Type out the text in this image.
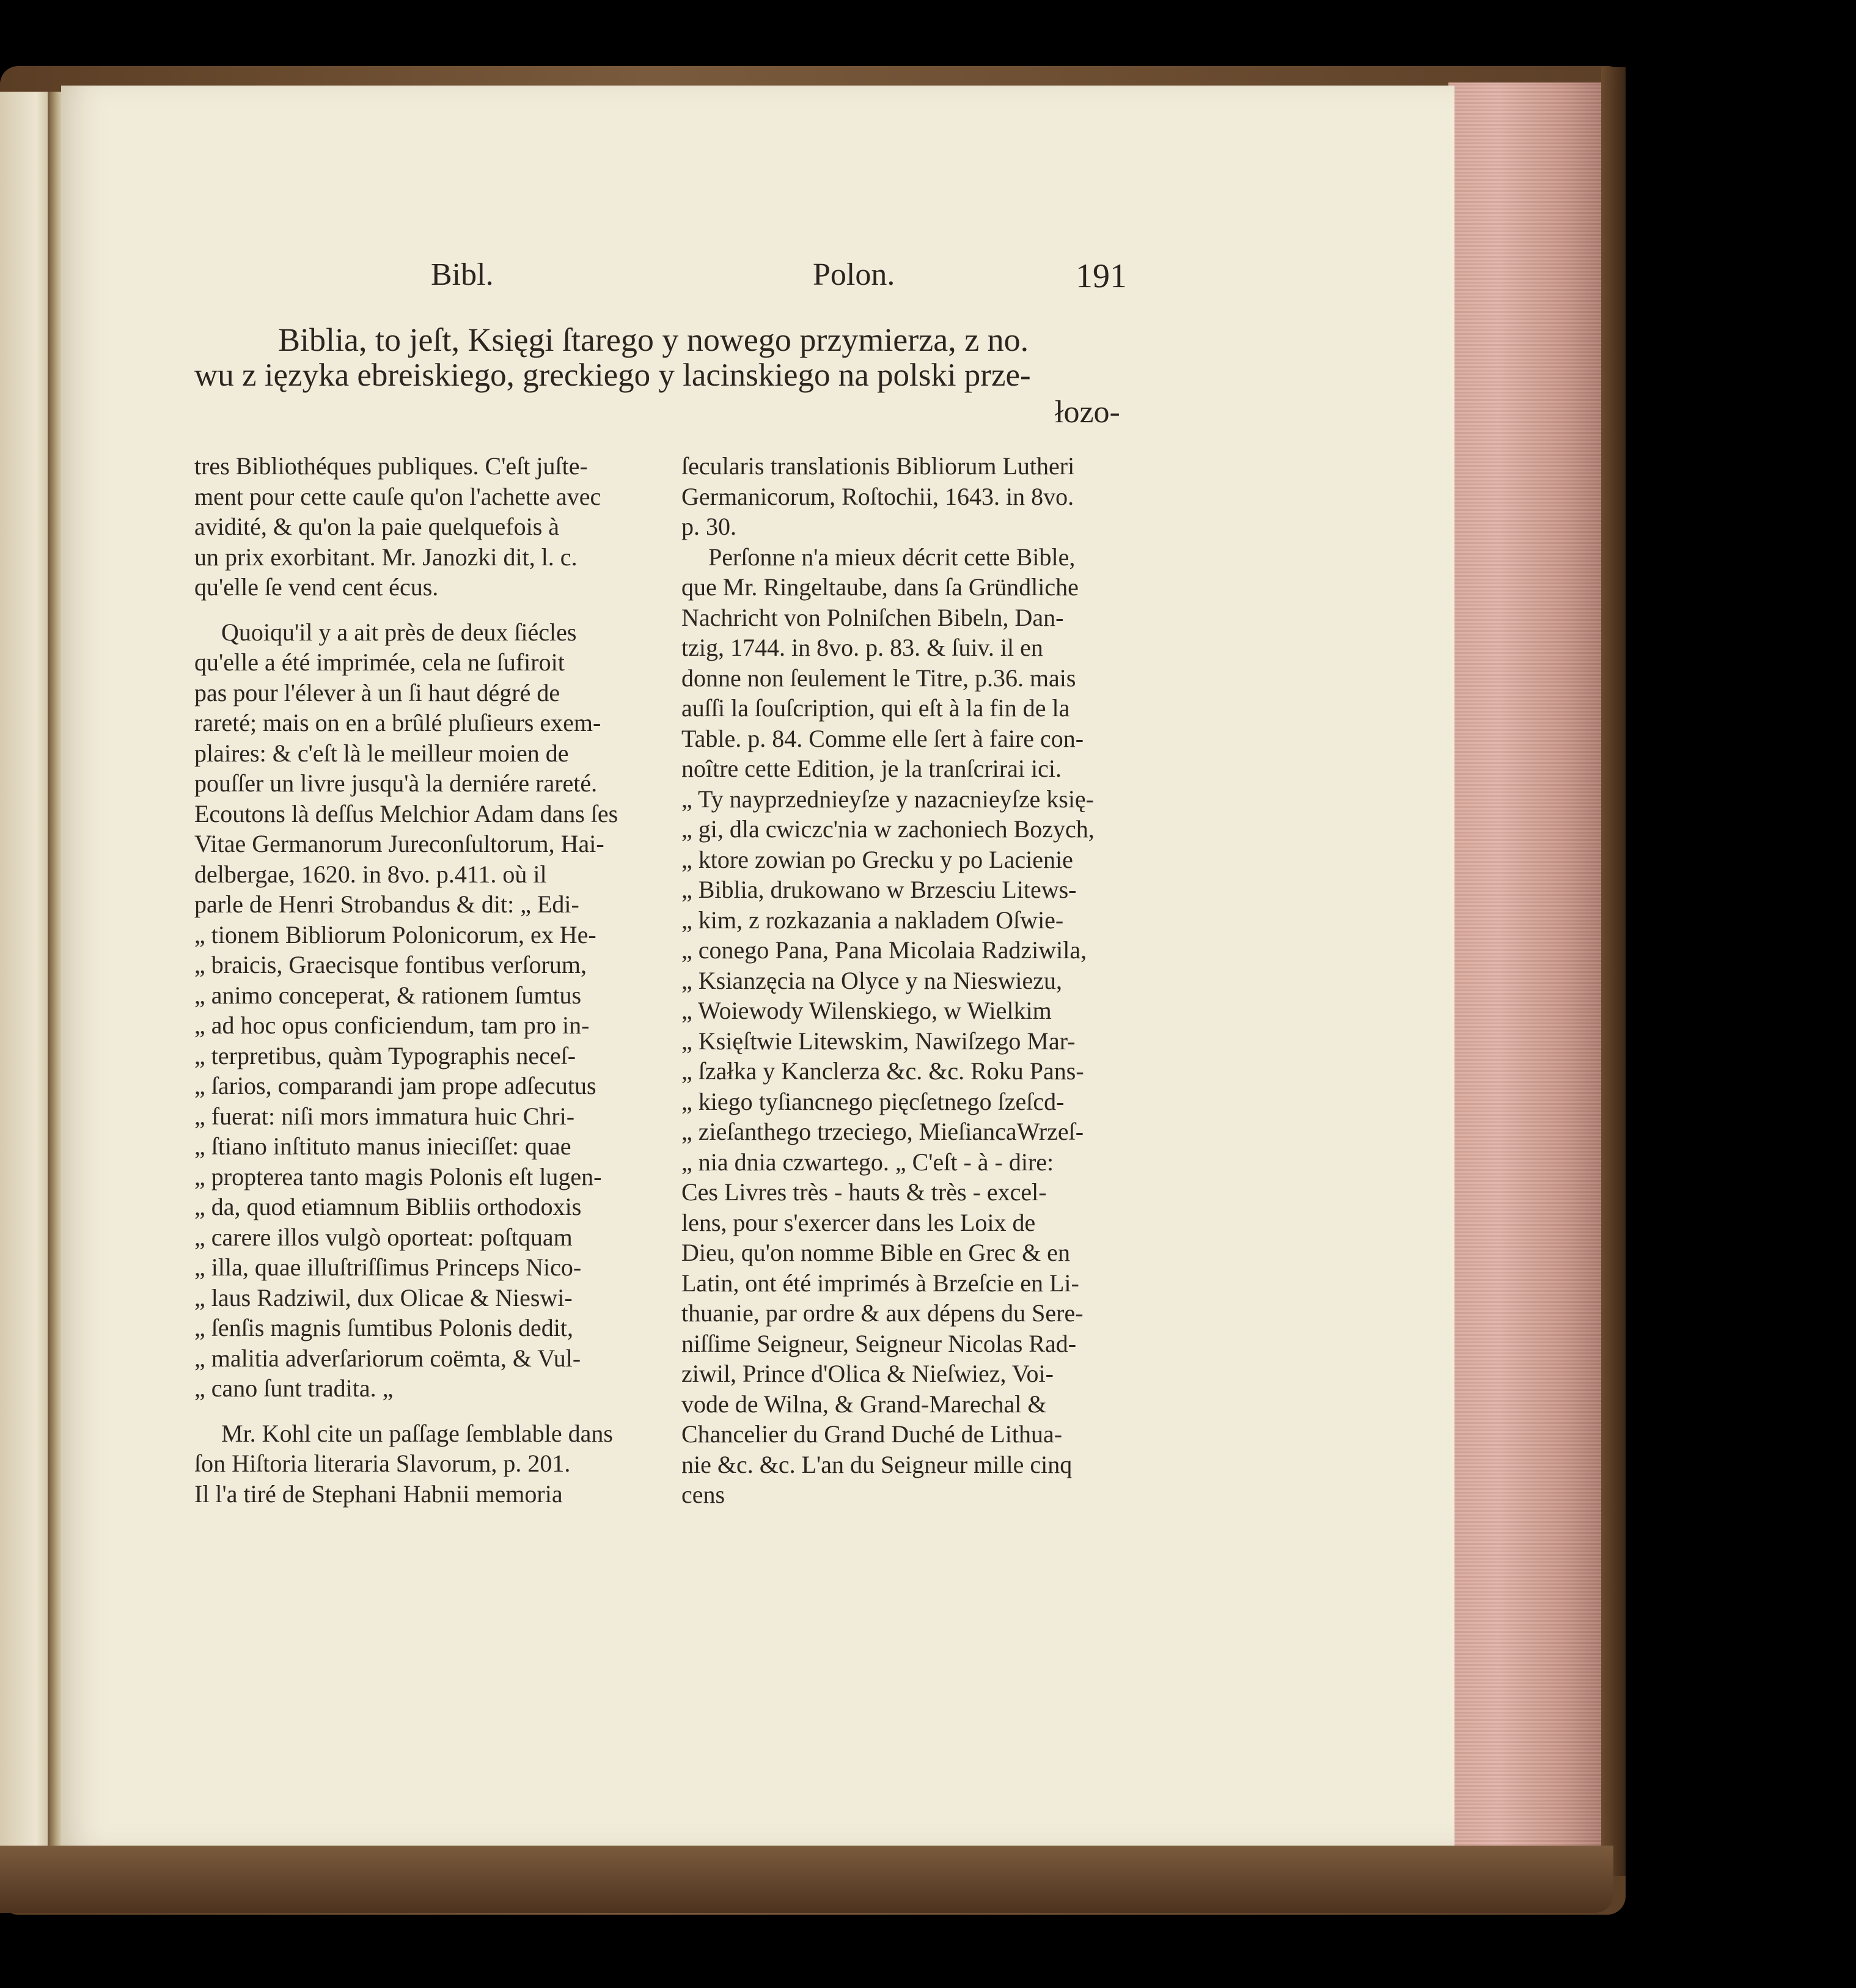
Bibl.	Polon.	191
Biblia, to jeſt, Księgi ſtarego y nowego przymierza, z no.
wu z ięzyka ebreiskiego, greckiego y lacinskiego na polski prze-
łozo-
tres Bibliothéques publiques. C'eſt juſte-
ment pour cette cauſe qu'on l'achette avec
avidité, & qu'on la paie quelquefois à
un prix exorbitant. Mr. Janozki dit, l. c.
qu'elle ſe vend cent écus.
Quoiqu'il y a ait près de deux ſiécles
qu'elle a été imprimée, cela ne ſufiroit
pas pour l'élever à un ſi haut dégré de
rareté; mais on en a brûlé pluſieurs exem-
plaires: & c'eſt là le meilleur moien de
pouſſer un livre jusqu'à la derniére rareté.
Ecoutons là deſſus Melchior Adam dans ſes
Vitae Germanorum Jureconſultorum, Hai-
delbergae, 1620. in 8vo. p.411. où il
parle de Henri Strobandus & dit: „ Edi-
„ tionem Bibliorum Polonicorum, ex He-
„ braicis, Graecisque fontibus verſorum,
„ animo conceperat, & rationem ſumtus
„ ad hoc opus conficiendum, tam pro in-
„ terpretibus, quàm Typographis neceſ-
„ ſarios, comparandi jam prope adſecutus
„ fuerat: niſi mors immatura huic Chri-
„ ſtiano inſtituto manus inieciſſet: quae
„ propterea tanto magis Polonis eſt lugen-
„ da, quod etiamnum Bibliis orthodoxis
„ carere illos vulgò oporteat: poſtquam
„ illa, quae illuſtriſſimus Princeps Nico-
„ laus Radziwil, dux Olicae & Nieswi-
„ ſenſis magnis ſumtibus Polonis dedit,
„ malitia adverſariorum coëmta, & Vul-
„ cano ſunt tradita. „
Mr. Kohl cite un paſſage ſemblable dans
ſon Hiſtoria literaria Slavorum, p. 201.
Il l'a tiré de Stephani Habnii memoria
ſecularis translationis Bibliorum Lutheri
Germanicorum, Roſtochii, 1643. in 8vo.
p. 30.
Perſonne n'a mieux décrit cette Bible,
que Mr. Ringeltaube, dans ſa Gründliche
Nachricht von Polniſchen Bibeln, Dan-
tzig, 1744. in 8vo. p. 83. & ſuiv. il en
donne non ſeulement le Titre, p.36. mais
auſſi la ſouſcription, qui eſt à la fin de la
Table. p. 84. Comme elle ſert à faire con-
noître cette Edition, je la tranſcrirai ici.
„ Ty nayprzednieyſze y nazacnieyſze księ-
„ gi, dla cwiczc'nia w zachoniech Bozych,
„ ktore zowian po Grecku y po Lacienie
„ Biblia, drukowano w Brzesciu Litews-
„ kim, z rozkazania a nakladem Oſwie-
„ conego Pana, Pana Micolaia Radziwila,
„ Ksianzęcia na Olyce y na Nieswiezu,
„ Woiewody Wilenskiego, w Wielkim
„ Księſtwie Litewskim, Nawiſzego Mar-
„ ſzałka y Kanclerza &c. &c. Roku Pans-
„ kiego tyſiancnego pięcſetnego ſzeſcd-
„ zieſanthego trzeciego, MieſiancaWrzeſ-
„ nia dnia czwartego. „ C'eſt - à - dire:
Ces Livres très - hauts & très - excel-
lens, pour s'exercer dans les Loix de
Dieu, qu'on nomme Bible en Grec & en
Latin, ont été imprimés à Brzeſcie en Li-
thuanie, par ordre & aux dépens du Sere-
niſſime Seigneur, Seigneur Nicolas Rad-
ziwil, Prince d'Olica & Nieſwiez, Voi-
vode de Wilna, & Grand-Marechal &
Chancelier du Grand Duché de Lithua-
nie &c. &c. L'an du Seigneur mille cinq
cens
